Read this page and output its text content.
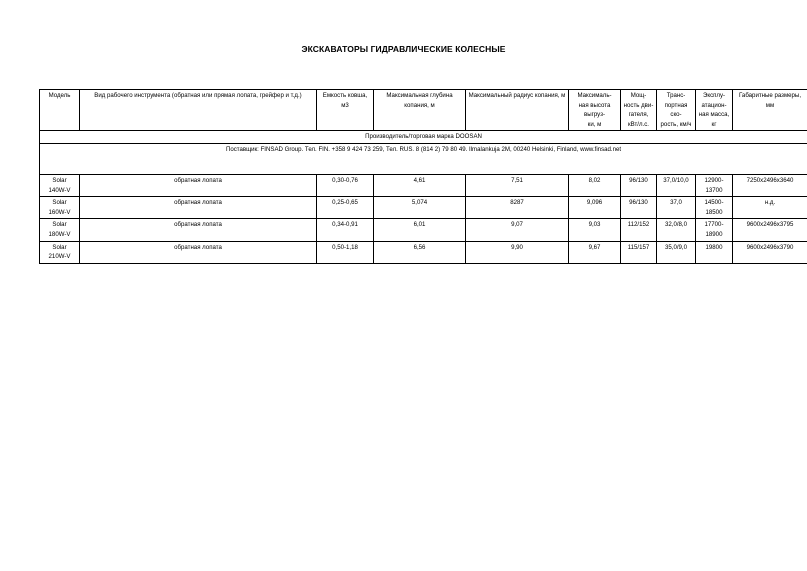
ЭКСКАВАТОРЫ ГИДРАВЛИЧЕСКИЕ КОЛЕСНЫЕ
Модель	Вид рабочего инструмента (обратная или прямая лопата, грейфер и т.д.)	Емкость ковша, м3	Максимальная глубина копания, м	Максимальный радиус копания, м	Максималь-
ная высота
выгруз-
ки, м	Мощ-
ность дви-
гателя,
кВт/л.с.	Транс-
портная
ско-
рость, км/ч	Эксплу-
атацион-
ная масса,
кг	Габаритные размеры, мм
Производитель/торговая марка DOOSAN									
Поставщик: FINSAD Group. Тел. FIN. +358 9 424 73 259, Тел. RUS. 8 (814 2) 79 80 49. Ilmalankuja 2M, 00240 Helsinki, Finland, www.finsad.net									
Solar
140W-V	обратная лопата	0,30-0,76	4,61	7,51	8,02	96/130	37,0/10,0	12900-
13700	7250x2496x3640
Solar
160W-V	обратная лопата	0,25-0,65	5,074	8287	9,096	96/130	37,0	14500-
18500	н.д.
Solar
180W-V	обратная лопата	0,34-0,91	6,01	9,07	9,03	112/152	32,0/8,0	17700-
18900	9600x2496x3795
Solar
210W-V	обратная лопата	0,50-1,18	6,56	9,90	9,67	115/157	35,0/9,0	19800	9600x2496x3790
